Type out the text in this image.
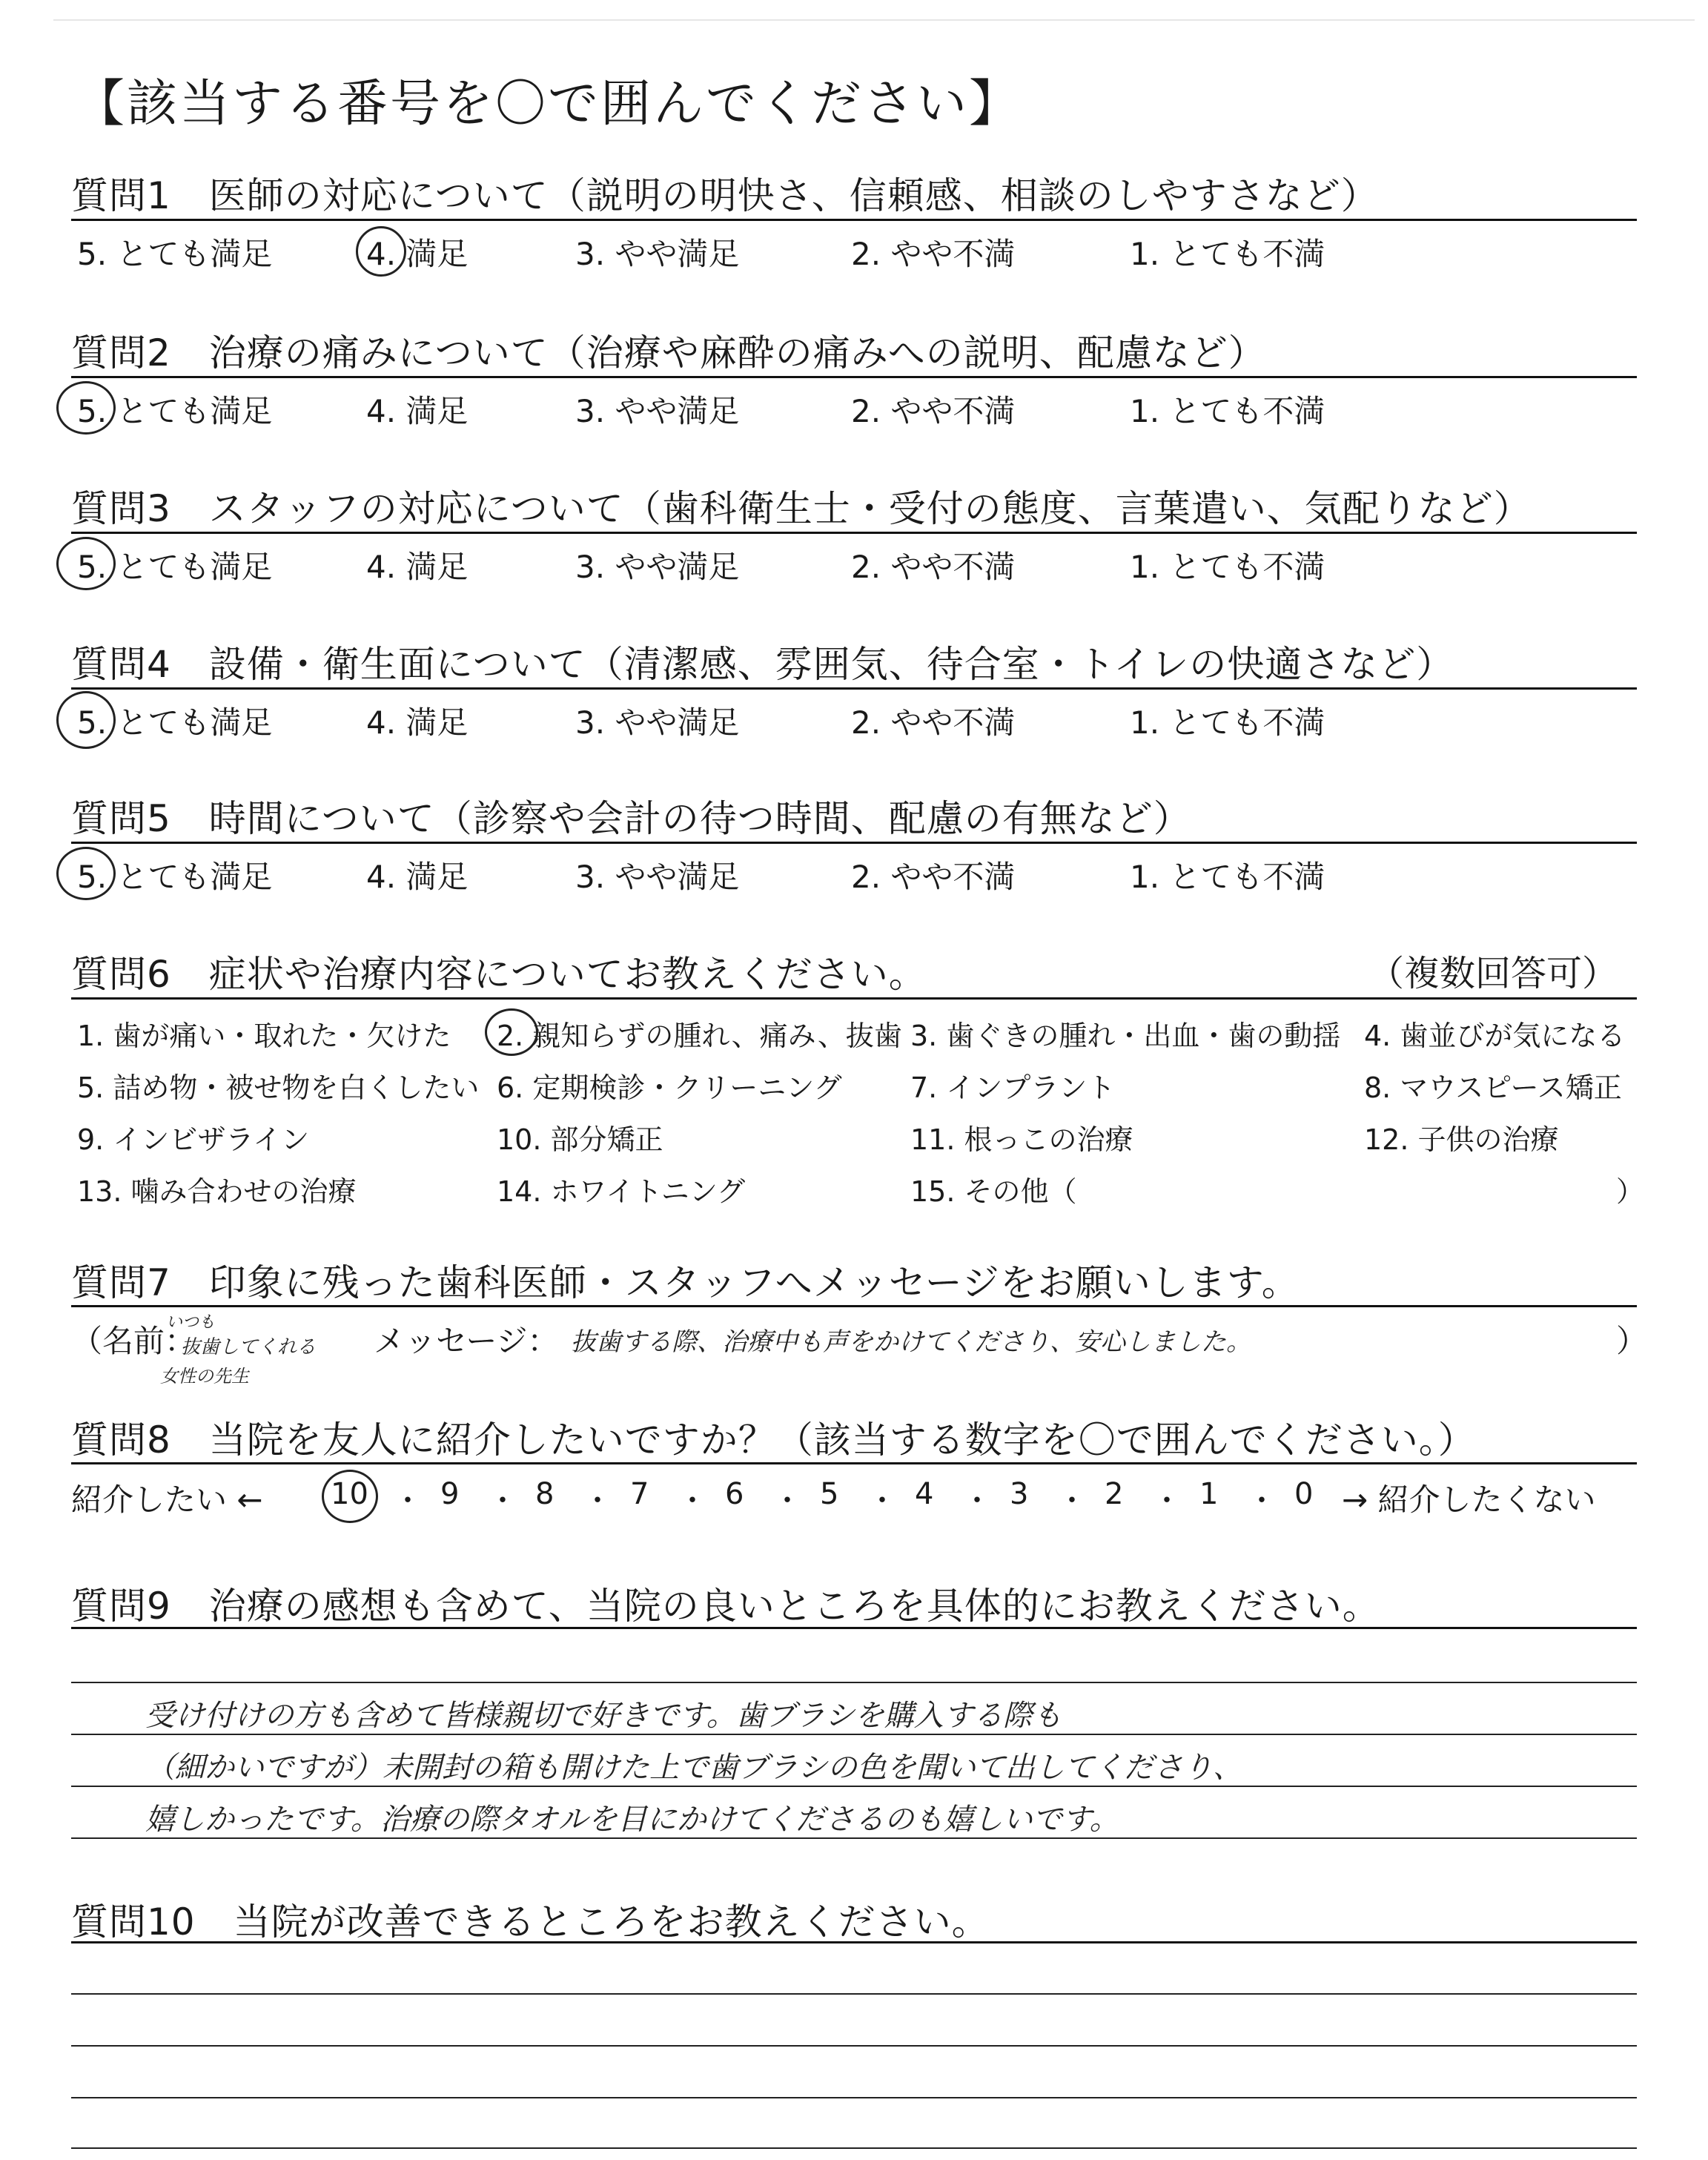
【該当する番号を〇で囲んでください】
質問1　医師の対応について（説明の明快さ、信頼感、相談のしやすさなど）
5. とても満足	4. 満足	3. やや満足	2. やや不満	1. とても不満
質問2　治療の痛みについて（治療や麻酔の痛みへの説明、配慮など）
5. とても満足	4. 満足	3. やや満足	2. やや不満	1. とても不満
質問3　スタッフの対応について（歯科衛生士・受付の態度、言葉遣い、気配りなど）
5. とても満足	4. 満足	3. やや満足	2. やや不満	1. とても不満
質問4　設備・衛生面について（清潔感、雰囲気、待合室・トイレの快適さなど）
5. とても満足	4. 満足	3. やや満足	2. やや不満	1. とても不満
質問5　時間について（診察や会計の待つ時間、配慮の有無など）
5. とても満足	4. 満足	3. やや満足	2. やや不満	1. とても不満
質問6　症状や治療内容についてお教えください。	（複数回答可）
1. 歯が痛い・取れた・欠けた 2. 親知らずの腫れ、痛み、抜歯 3. 歯ぐきの腫れ・出血・歯の動揺 4. 歯並びが気になる
5. 詰め物・被せ物を白くしたい 6. 定期検診・クリーニング 7. インプラント	8. マウスピース矯正
9. インビザライン	10. 部分矯正	11. 根っこの治療	12. 子供の治療
13. 噛み合わせの治療	14. ホワイトニング	15. その他（	）
質問7　印象に残った歯科医師・スタッフへメッセージをお願いします。
（名前：
いつも
抜歯してくれる
女性の先生
メッセージ： 抜歯する際、治療中も声をかけてくださり、安心しました。	）
質問8　当院を友人に紹介したいですか？（該当する数字を〇で囲んでください。）
紹介したい ← 10 ・ 9 ・ 8 ・ 7 ・ 6 ・ 5 ・ 4 ・ 3 ・ 2 ・ 1 ・ 0 → 紹介したくない
質問9　治療の感想も含めて、当院の良いところを具体的にお教えください。
受け付けの方も含めて皆様親切で好きです。歯ブラシを購入する際も
（細かいですが）未開封の箱も開けた上で歯ブラシの色を聞いて出してくださり、
嬉しかったです。治療の際タオルを目にかけてくださるのも嬉しいです。
質問10　当院が改善できるところをお教えください。
